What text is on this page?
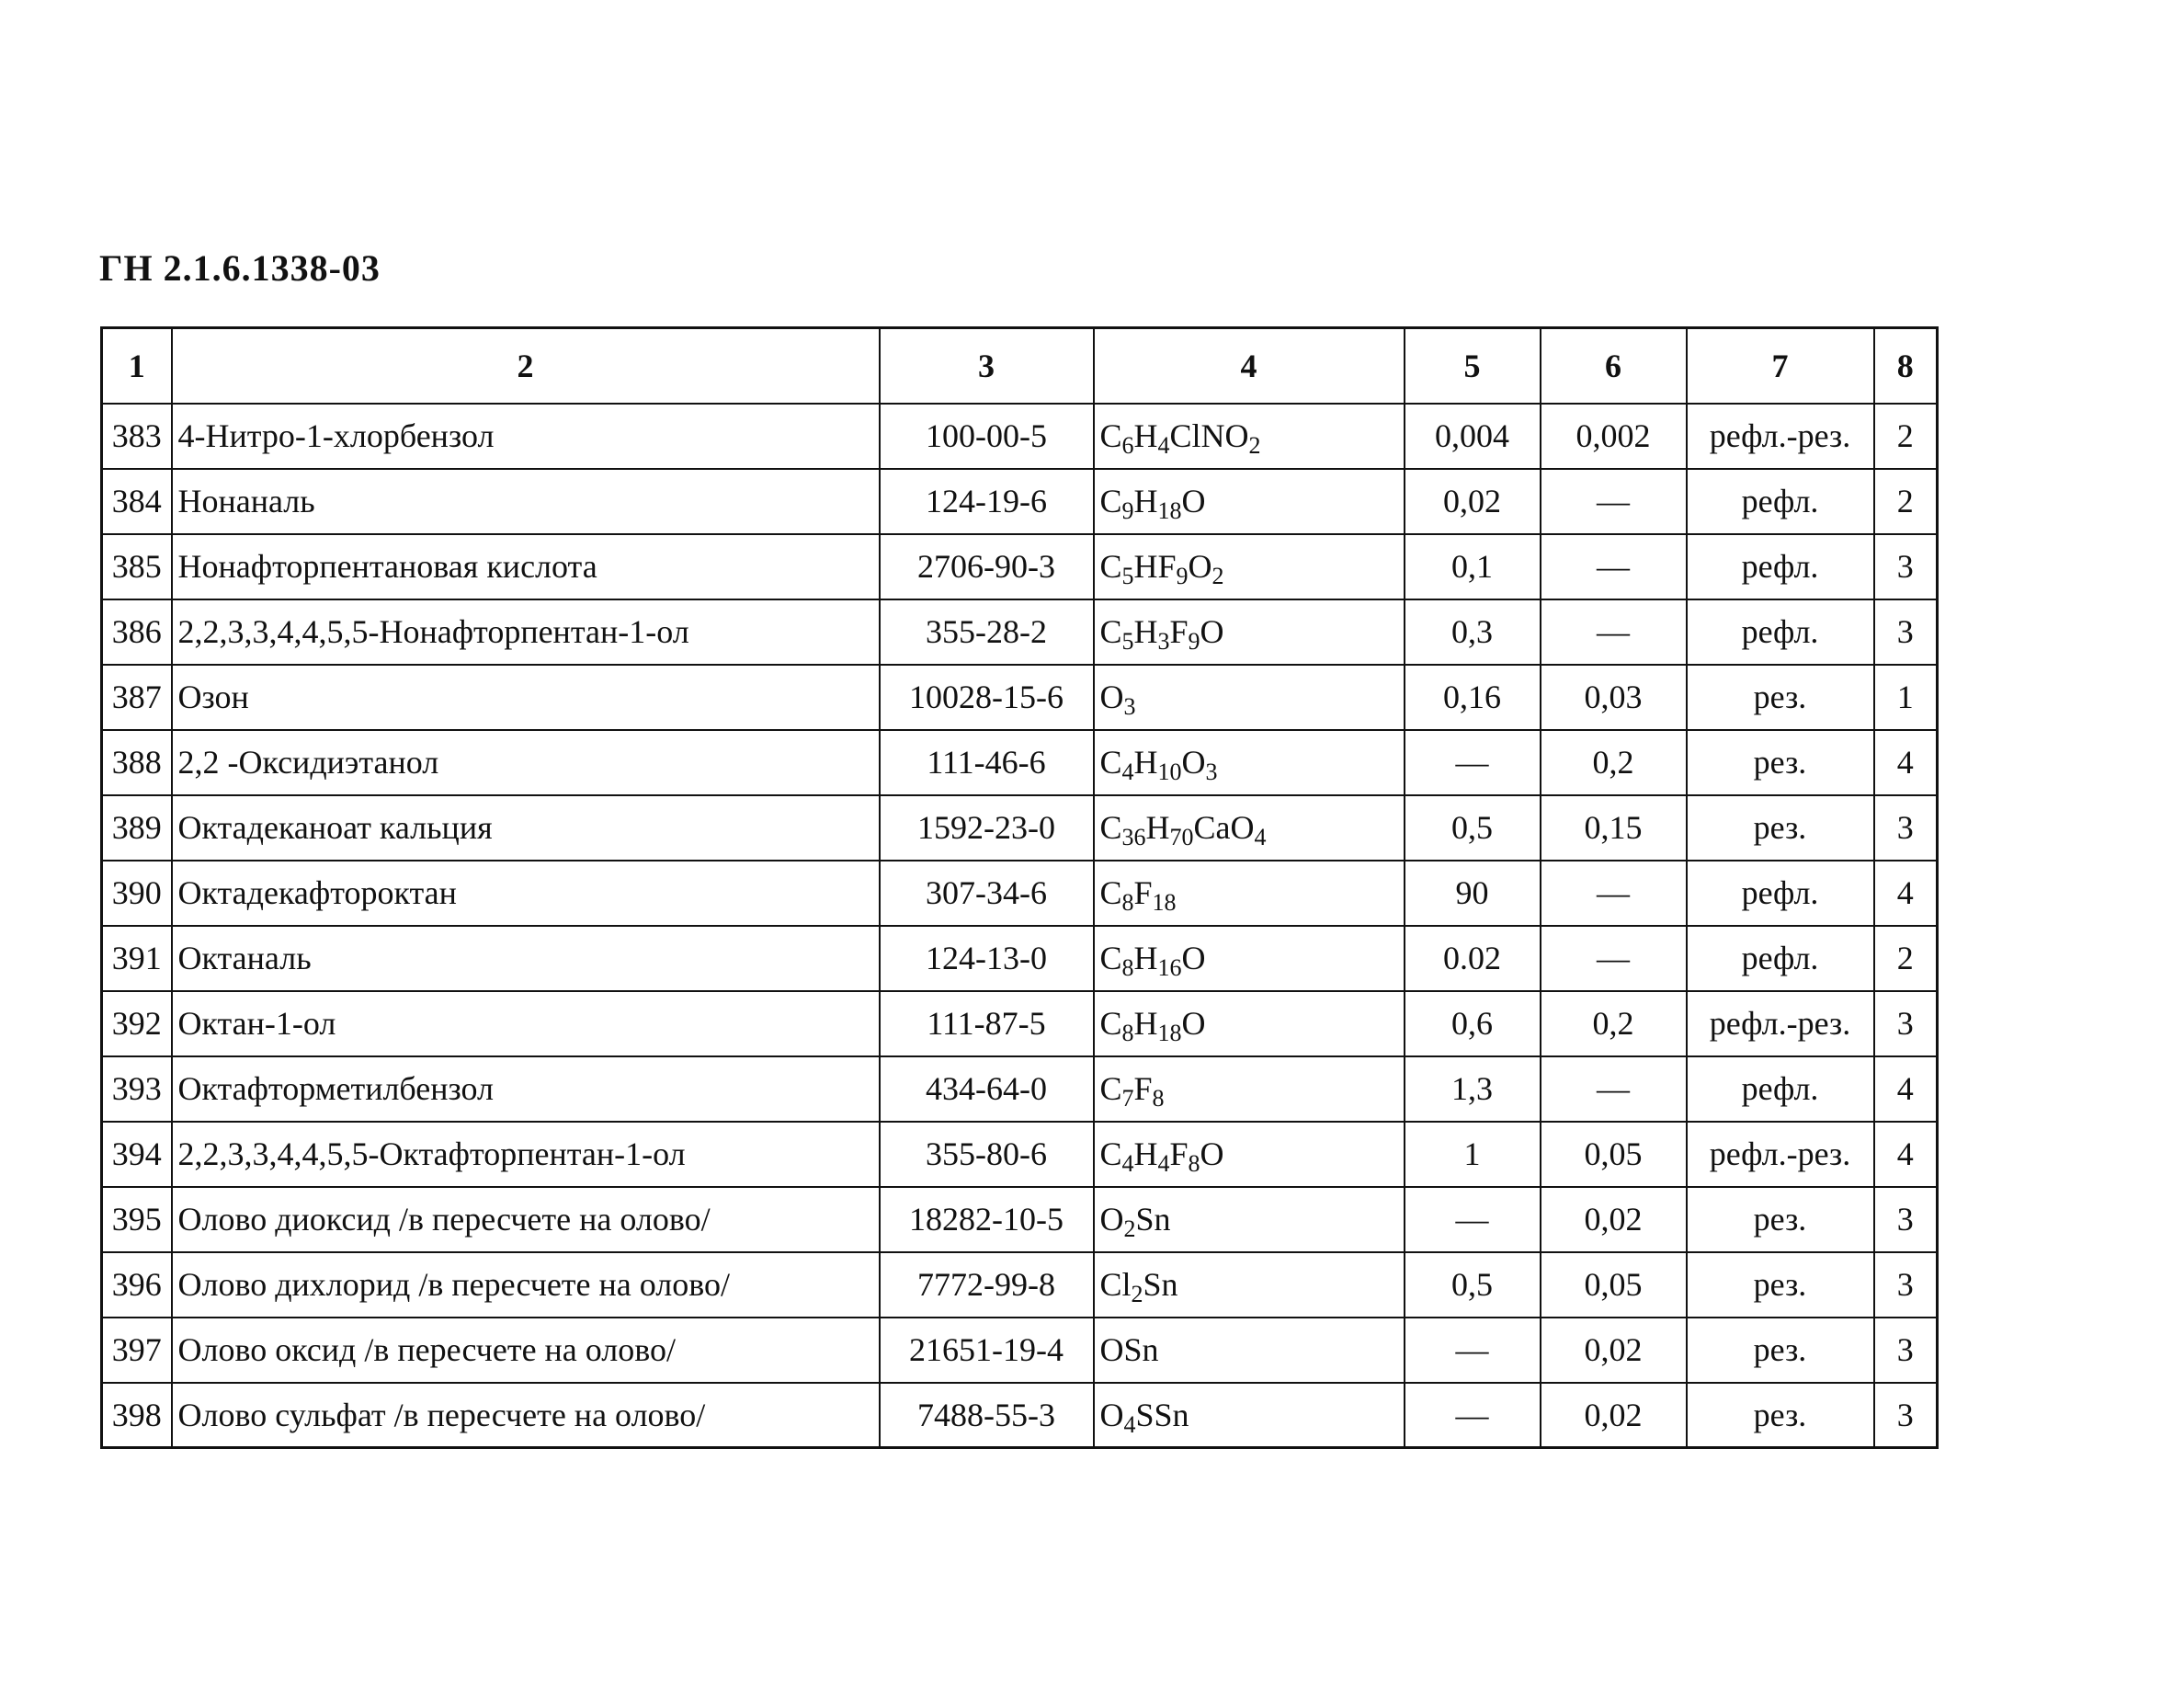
ГН 2.1.6.1338-03
1	2	3	4	5	6	7	8
383	4-Нитро-1-хлорбензол	100-00-5	$C_6H_4ClNO_2$	0,004	0,002	рефл.-рез.	2
384	Нонаналь	124-19-6	$C_9H_{18}O$	0,02	—	рефл.	2
385	Нонафторпентановая кислота	2706-90-3	$C_5HF_9O_2$	0,1	—	рефл.	3
386	2,2,3,3,4,4,5,5-Нонафторпентан-1-ол	355-28-2	$C_5H_3F_9O$	0,3	—	рефл.	3
387	Озон	10028-15-6	$O_3$	0,16	0,03	рез.	1
388	2,2 -Оксидиэтанол	111-46-6	$C_4H_{10}O_3$	—	0,2	рез.	4
389	Октадеканоат кальция	1592-23-0	$C_{36}H_{70}CaO_4$	0,5	0,15	рез.	3
390	Октадекафтороктан	307-34-6	$C_8F_{18}$	90	—	рефл.	4
391	Октаналь	124-13-0	$C_8H_{16}O$	0.02	—	рефл.	2
392	Октан-1-ол	111-87-5	$C_8H_{18}O$	0,6	0,2	рефл.-рез.	3
393	Октафторметилбензол	434-64-0	$C_7F_8$	1,3	—	рефл.	4
394	2,2,3,3,4,4,5,5-Октафторпентан-1-ол	355-80-6	$C_4H_4F_8O$	1	0,05	рефл.-рез.	4
395	Олово диоксид /в пересчете на олово/	18282-10-5	$O_2Sn$	—	0,02	рез.	3
396	Олово дихлорид /в пересчете на олово/	7772-99-8	$Cl_2Sn$	0,5	0,05	рез.	3
397	Олово оксид /в пересчете на олово/	21651-19-4	OSn	—	0,02	рез.	3
398	Олово сульфат /в пересчете на олово/	7488-55-3	$O_4SSn$	—	0,02	рез.	3
